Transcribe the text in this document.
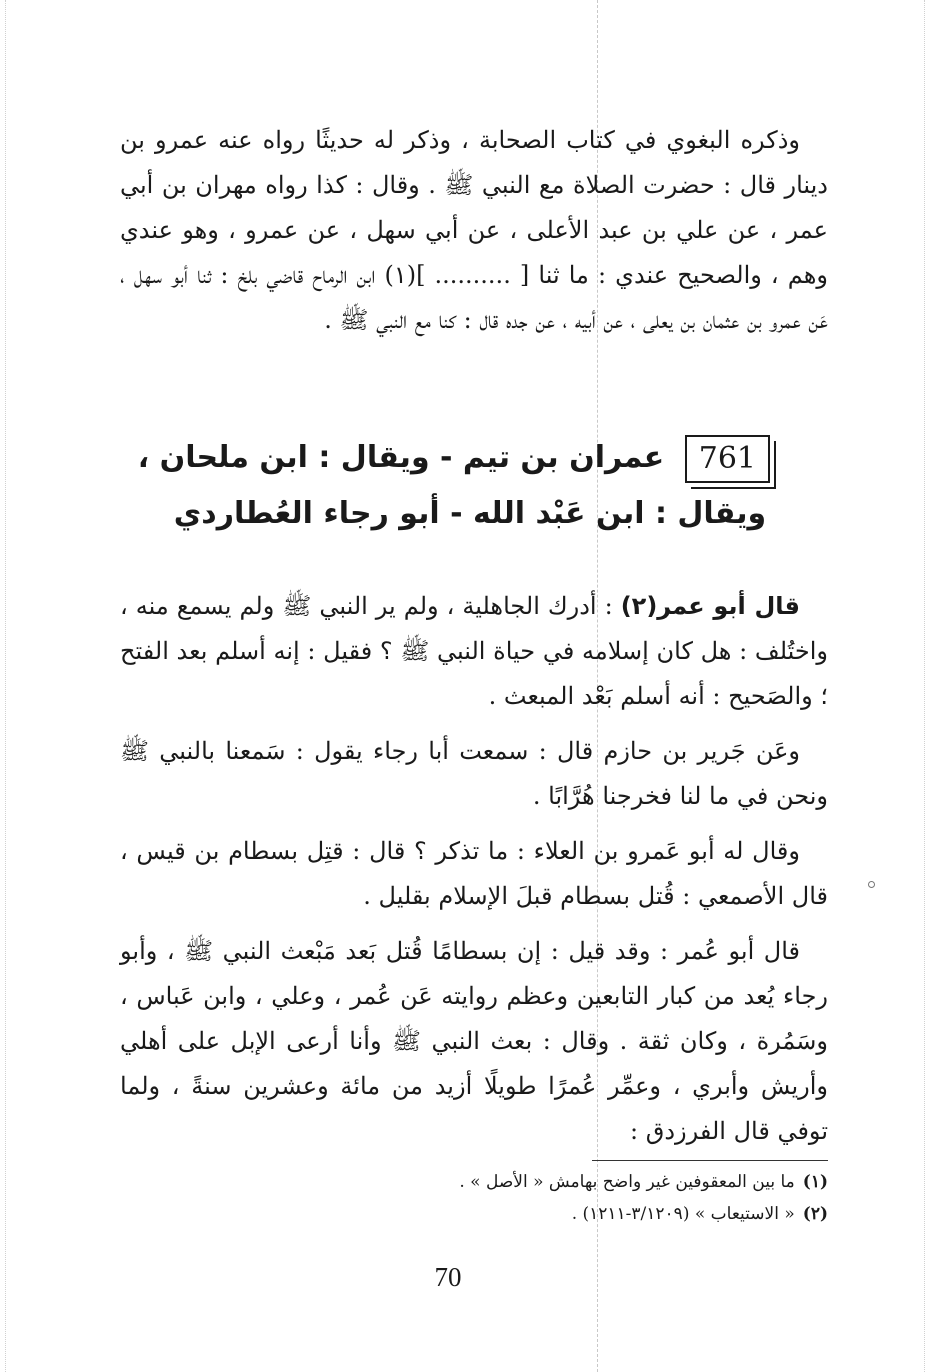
وذكره البغوي في كتاب الصحابة ، وذكر له حديثًا رواه عنه عمرو بن دينار قال : حضرت الصلاة مع النبي ﷺ . وقال : كذا رواه مهران بن أبي عمر ، عن علي بن عبد الأعلى ، عن أبي سهل ، عن عمرو ، وهو عندي وهم ، والصحيح عندي : ما ثنا [ .......... ](١) ابن الرماح قاضي بلخ : ثنا أبو سهل ، عَن عمرو بن عثمان بن يعلى ، عن أبيه ، عن جده قال : كنا مع النبي ﷺ .

761 عمران بن تيم - ويقال : ابن ملحان ،
ويقال : ابن عَبْد الله - أبو رجاء العُطاردي

قال أبو عمر(٢) : أدرك الجاهلية ، ولم ير النبي ﷺ ولم يسمع منه ، واختُلف : هل كان إسلامه في حياة النبي ﷺ ؟ فقيل : إنه أسلم بعد الفتح ؛ والصَحيح : أنه أسلم بَعْد المبعث .

وعَن جَرير بن حازم قال : سمعت أبا رجاء يقول : سَمعنا بالنبي ﷺ ونحن في ما لنا فخرجنا هُرَّابًا .

وقال له أبو عَمرو بن العلاء : ما تذكر ؟ قال : قتِل بسطام بن قيس ، قال الأصمعي : قُتل بسطام قبلَ الإسلام بقليل .

قال أبو عُمر : وقد قيل : إن بسطامًا قُتل بَعد مَبْعث النبي ﷺ ، وأبو رجاء يُعد من كبار التابعين وعظم روايته عَن عُمر ، وعلي ، وابن عَباس ، وسَمُرة ، وكان ثقة . وقال : بعث النبي ﷺ وأنا أرعى الإبل على أهلي وأريش وأبري ، وعمِّر عُمرًا طويلًا أزيد من مائة وعشرين سنةً ، ولما توفي قال الفرزدق :

(١)ما بين المعقوفين غير واضح بهامش « الأصل » .

(٢)« الاستيعاب » (٣/١٢٠٩-١٢١١) .

70
